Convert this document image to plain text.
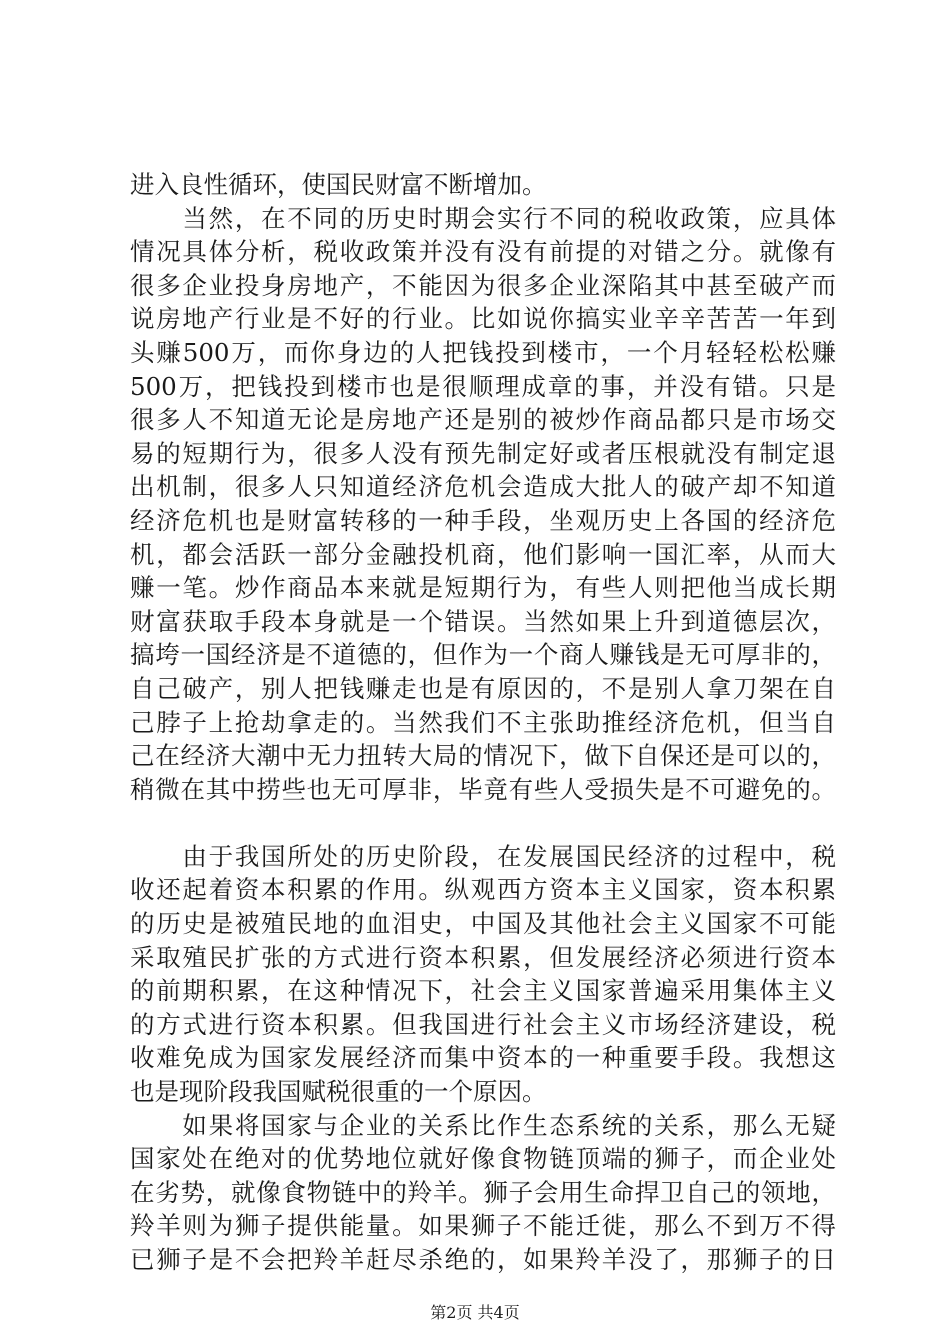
进入良性循环，使国民财富不断增加。
　　当然，在不同的历史时期会实行不同的税收政策，应具体
情况具体分析，税收政策并没有没有前提的对错之分。就像有
很多企业投身房地产，不能因为很多企业深陷其中甚至破产而
说房地产行业是不好的行业。比如说你搞实业辛辛苦苦一年到
头赚500万，而你身边的人把钱投到楼市，一个月轻轻松松赚
500万，把钱投到楼市也是很顺理成章的事，并没有错。只是
很多人不知道无论是房地产还是别的被炒作商品都只是市场交
易的短期行为，很多人没有预先制定好或者压根就没有制定退
出机制，很多人只知道经济危机会造成大批人的破产却不知道
经济危机也是财富转移的一种手段，坐观历史上各国的经济危
机，都会活跃一部分金融投机商，他们影响一国汇率，从而大
赚一笔。炒作商品本来就是短期行为，有些人则把他当成长期
财富获取手段本身就是一个错误。当然如果上升到道德层次，
搞垮一国经济是不道德的，但作为一个商人赚钱是无可厚非的，
自己破产，别人把钱赚走也是有原因的，不是别人拿刀架在自
己脖子上抢劫拿走的。当然我们不主张助推经济危机，但当自
己在经济大潮中无力扭转大局的情况下，做下自保还是可以的，
稍微在其中捞些也无可厚非，毕竟有些人受损失是不可避免的。
　　由于我国所处的历史阶段，在发展国民经济的过程中，税
收还起着资本积累的作用。纵观西方资本主义国家，资本积累
的历史是被殖民地的血泪史，中国及其他社会主义国家不可能
采取殖民扩张的方式进行资本积累，但发展经济必须进行资本
的前期积累，在这种情况下，社会主义国家普遍采用集体主义
的方式进行资本积累。但我国进行社会主义市场经济建设，税
收难免成为国家发展经济而集中资本的一种重要手段。我想这
也是现阶段我国赋税很重的一个原因。
　　如果将国家与企业的关系比作生态系统的关系，那么无疑
国家处在绝对的优势地位就好像食物链顶端的狮子，而企业处
在劣势，就像食物链中的羚羊。狮子会用生命捍卫自己的领地，
羚羊则为狮子提供能量。如果狮子不能迁徙，那么不到万不得
已狮子是不会把羚羊赶尽杀绝的，如果羚羊没了，那狮子的日
第2页 共4页
